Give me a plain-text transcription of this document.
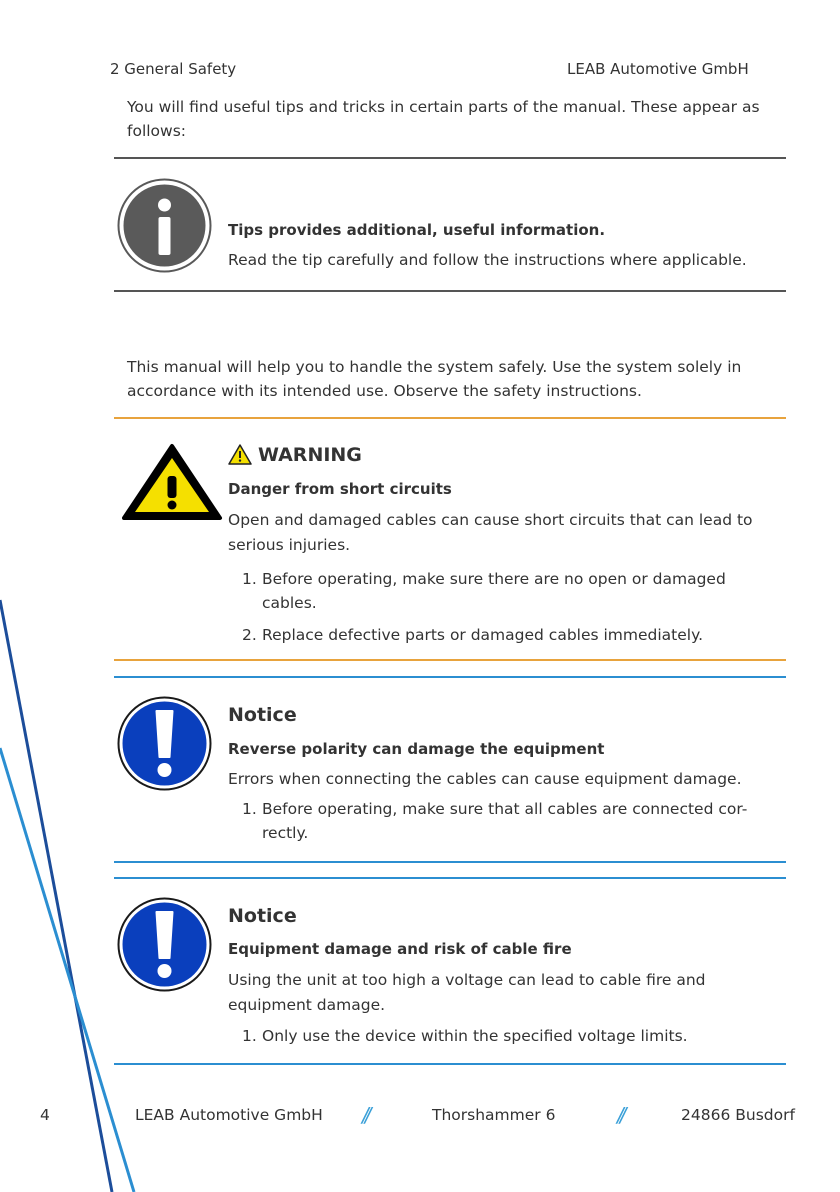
2 General Safety	LEAB Automotive GmbH
You will find useful tips and tricks in certain parts of the manual. These appear as
follows:
Tips provides additional, useful information.
Read the tip carefully and follow the instructions where applicable.
This manual will help you to handle the system safely. Use the system solely in
accordance with its intended use. Observe the safety instructions.
WARNING
Danger from short circuits
Open and damaged cables can cause short circuits that can lead to
serious injuries.
1. Before operating, make sure there are no open or damaged
cables.
2. Replace defective parts or damaged cables immediately.
Notice
Reverse polarity can damage the equipment
Errors when connecting the cables can cause equipment damage.
1. Before operating, make sure that all cables are connected cor-
rectly.
Notice
Equipment damage and risk of cable fire
Using the unit at too high a voltage can lead to cable fire and
equipment damage.
1. Only use the device within the specified voltage limits.
4	LEAB Automotive GmbH //	Thorshammer 6	//	24866 Busdorf
